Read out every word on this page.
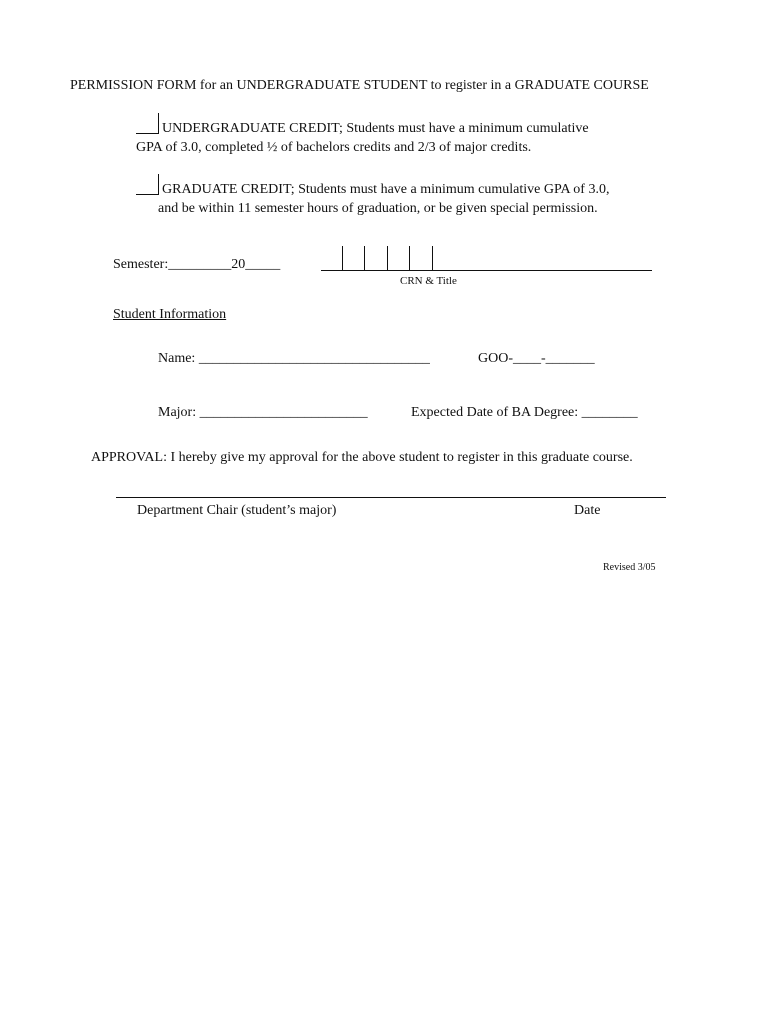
PERMISSION FORM for an UNDERGRADUATE STUDENT to register in a GRADUATE COURSE
UNDERGRADUATE CREDIT; Students must have a minimum cumulative
GPA of 3.0, completed ½ of bachelors credits and 2/3 of major credits.
GRADUATE CREDIT; Students must have a minimum cumulative GPA of 3.0,
and be within 11 semester hours of graduation, or be given special permission.
Semester:_________20_____
CRN & Title
Student Information
Name: _________________________________	GOO-____-_______
Major: ________________________	Expected Date of BA Degree: ________
APPROVAL: I hereby give my approval for the above student to register in this graduate course.
Department Chair (student’s major)	Date
Revised 3/05
